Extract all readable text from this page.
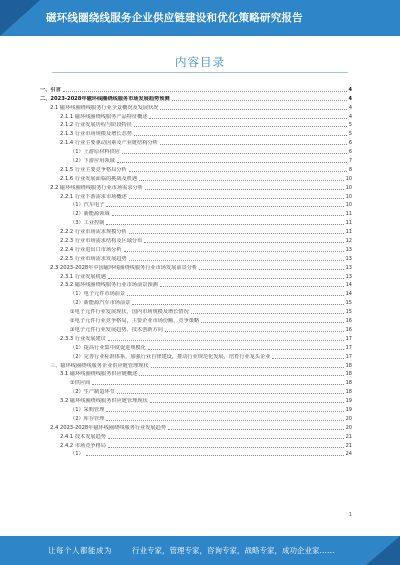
磁环线圈绕线服务企业供应链建设和优化策略研究报告
内容目录
一、引言	4
二、2023-2028年磁环线圈绕线服务市场发展趋势预测	4
2.1 磁环线圈绕线服务行业全景概况及发展状况	4
2.1.1 磁环线圈绕线服务产品特征概述	4
2.1.2 行业发展历程与阶段特征	5
2.1.3 行业市场规模及增长态势	5
2.1.4 行业主要驱动因素及产业链结构分析	6
（1）上游原材料供应	6
（2）下游应用领域	7
2.1.5 行业主要竞争格局分析	8
2.1.6 行业发展面临的挑战及机遇	10
2.2 磁环线圈绕线服务行业市场需求分析	10
2.2.1 行业下游需求市场概述	10
（1）汽车电子	10
（2）新能源领域	11
（3）工业控制	11
2.2.2 行业市场需求规模分析	11
2.2.3 行业市场需求结构及区域分布	12
2.2.4 行业进出口市场分析	13
2.2.5 行业市场需求发展趋势	13
2.3 2023-2028年中国磁环线圈绕线服务行业市场发展前景分析	13
2.3.1 行业发展机遇	13
2.3.2 磁环线圈绕线服务行业市场前景预测	14
（1）电子元件市场前景	14
（2）新能源汽车市场前景	15
①电子元件行业发展现状，国内市场规模及增长情况	15
②电子元件行业竞争格局，主要企业市场份额，竞争策略	16
③电子元件行业发展趋势，技术创新方向	16
2.3.3 行业发展建议	17
（1）提高行业集中度促进规模化	17
（2）完善行业标准体系，加强行业自律建设，推动行业规范化发展，培育行业龙头企业	17
三、磁环线圈绕线服务企业供应链管理现状	18
3.1 磁环线圈绕线服务供应链概述	18
①供应商	18
（2）生产制造环节	18
3.2 磁环线圈绕线服务供应链管理现状	19
（1）采购管理	19
（2）库存管理	20
2.4 2023-2028年磁环线圈绕线服务行业发展趋势	20
2.4.1 技术发展趋势	21
2.4.2 市场竞争格局	21
（1）	24
1
让每个人都能成为	行业专家，管理专家，咨询专家，战略专家，成功企业家……
